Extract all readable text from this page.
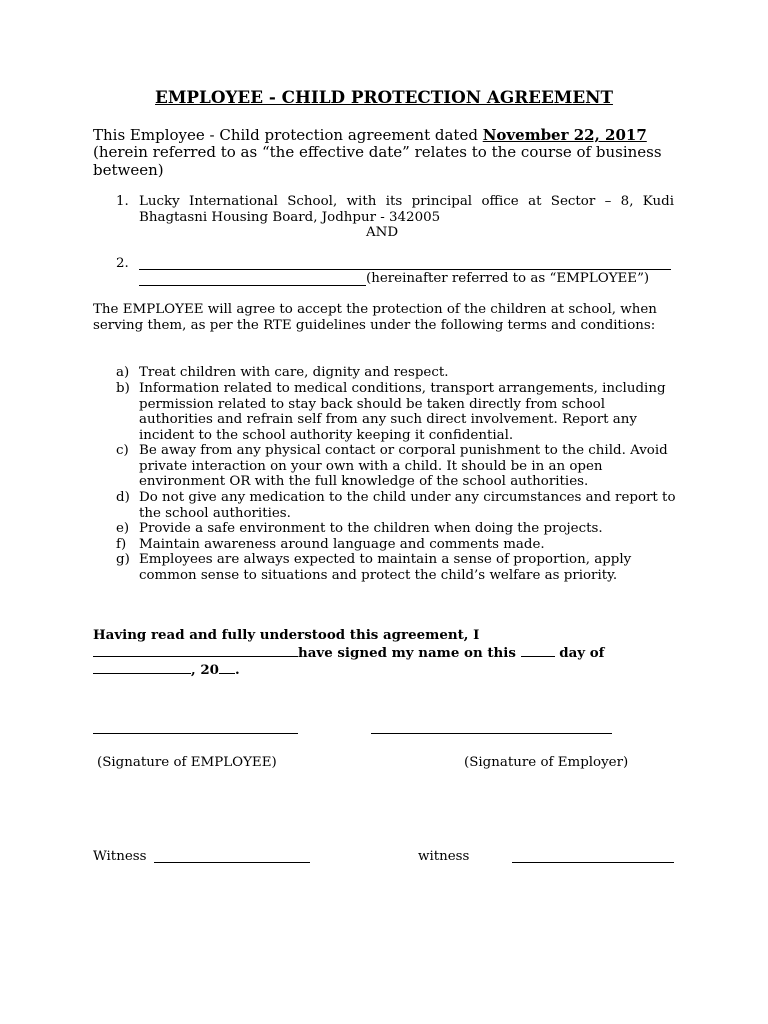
EMPLOYEE - CHILD PROTECTION AGREEMENT
This Employee - Child protection agreement dated November 22, 2017 (herein referred to as “the effective date” relates to the course of business between)
1. Lucky International School, with its principal office at Sector – 8, Kudi Bhagtasni Housing Board, Jodhpur - 342005
AND
2.
(hereinafter referred to as “EMPLOYEE”)
The EMPLOYEE will agree to accept the protection of the children at school, when serving them, as per the RTE guidelines under the following terms and conditions:
a) Treat children with care, dignity and respect.
b) Information related to medical conditions, transport arrangements, including permission related to stay back should be taken directly from school authorities and refrain self from any such direct involvement. Report any incident to the school authority keeping it confidential.
c) Be away from any physical contact or corporal punishment to the child. Avoid private interaction on your own with a child. It should be in an open environment OR with the full knowledge of the school authorities.
d) Do not give any medication to the child under any circumstances and report to the school authorities.
e) Provide a safe environment to the children when doing the projects.
f) Maintain awareness around language and comments made.
g) Employees are always expected to maintain a sense of proportion, apply common sense to situations and protect the child’s welfare as priority.
Having read and fully understood this agreement, I
have signed my name on this	day of
, 20 .
(Signature of EMPLOYEE)	(Signature of Employer)
Witness	witness
